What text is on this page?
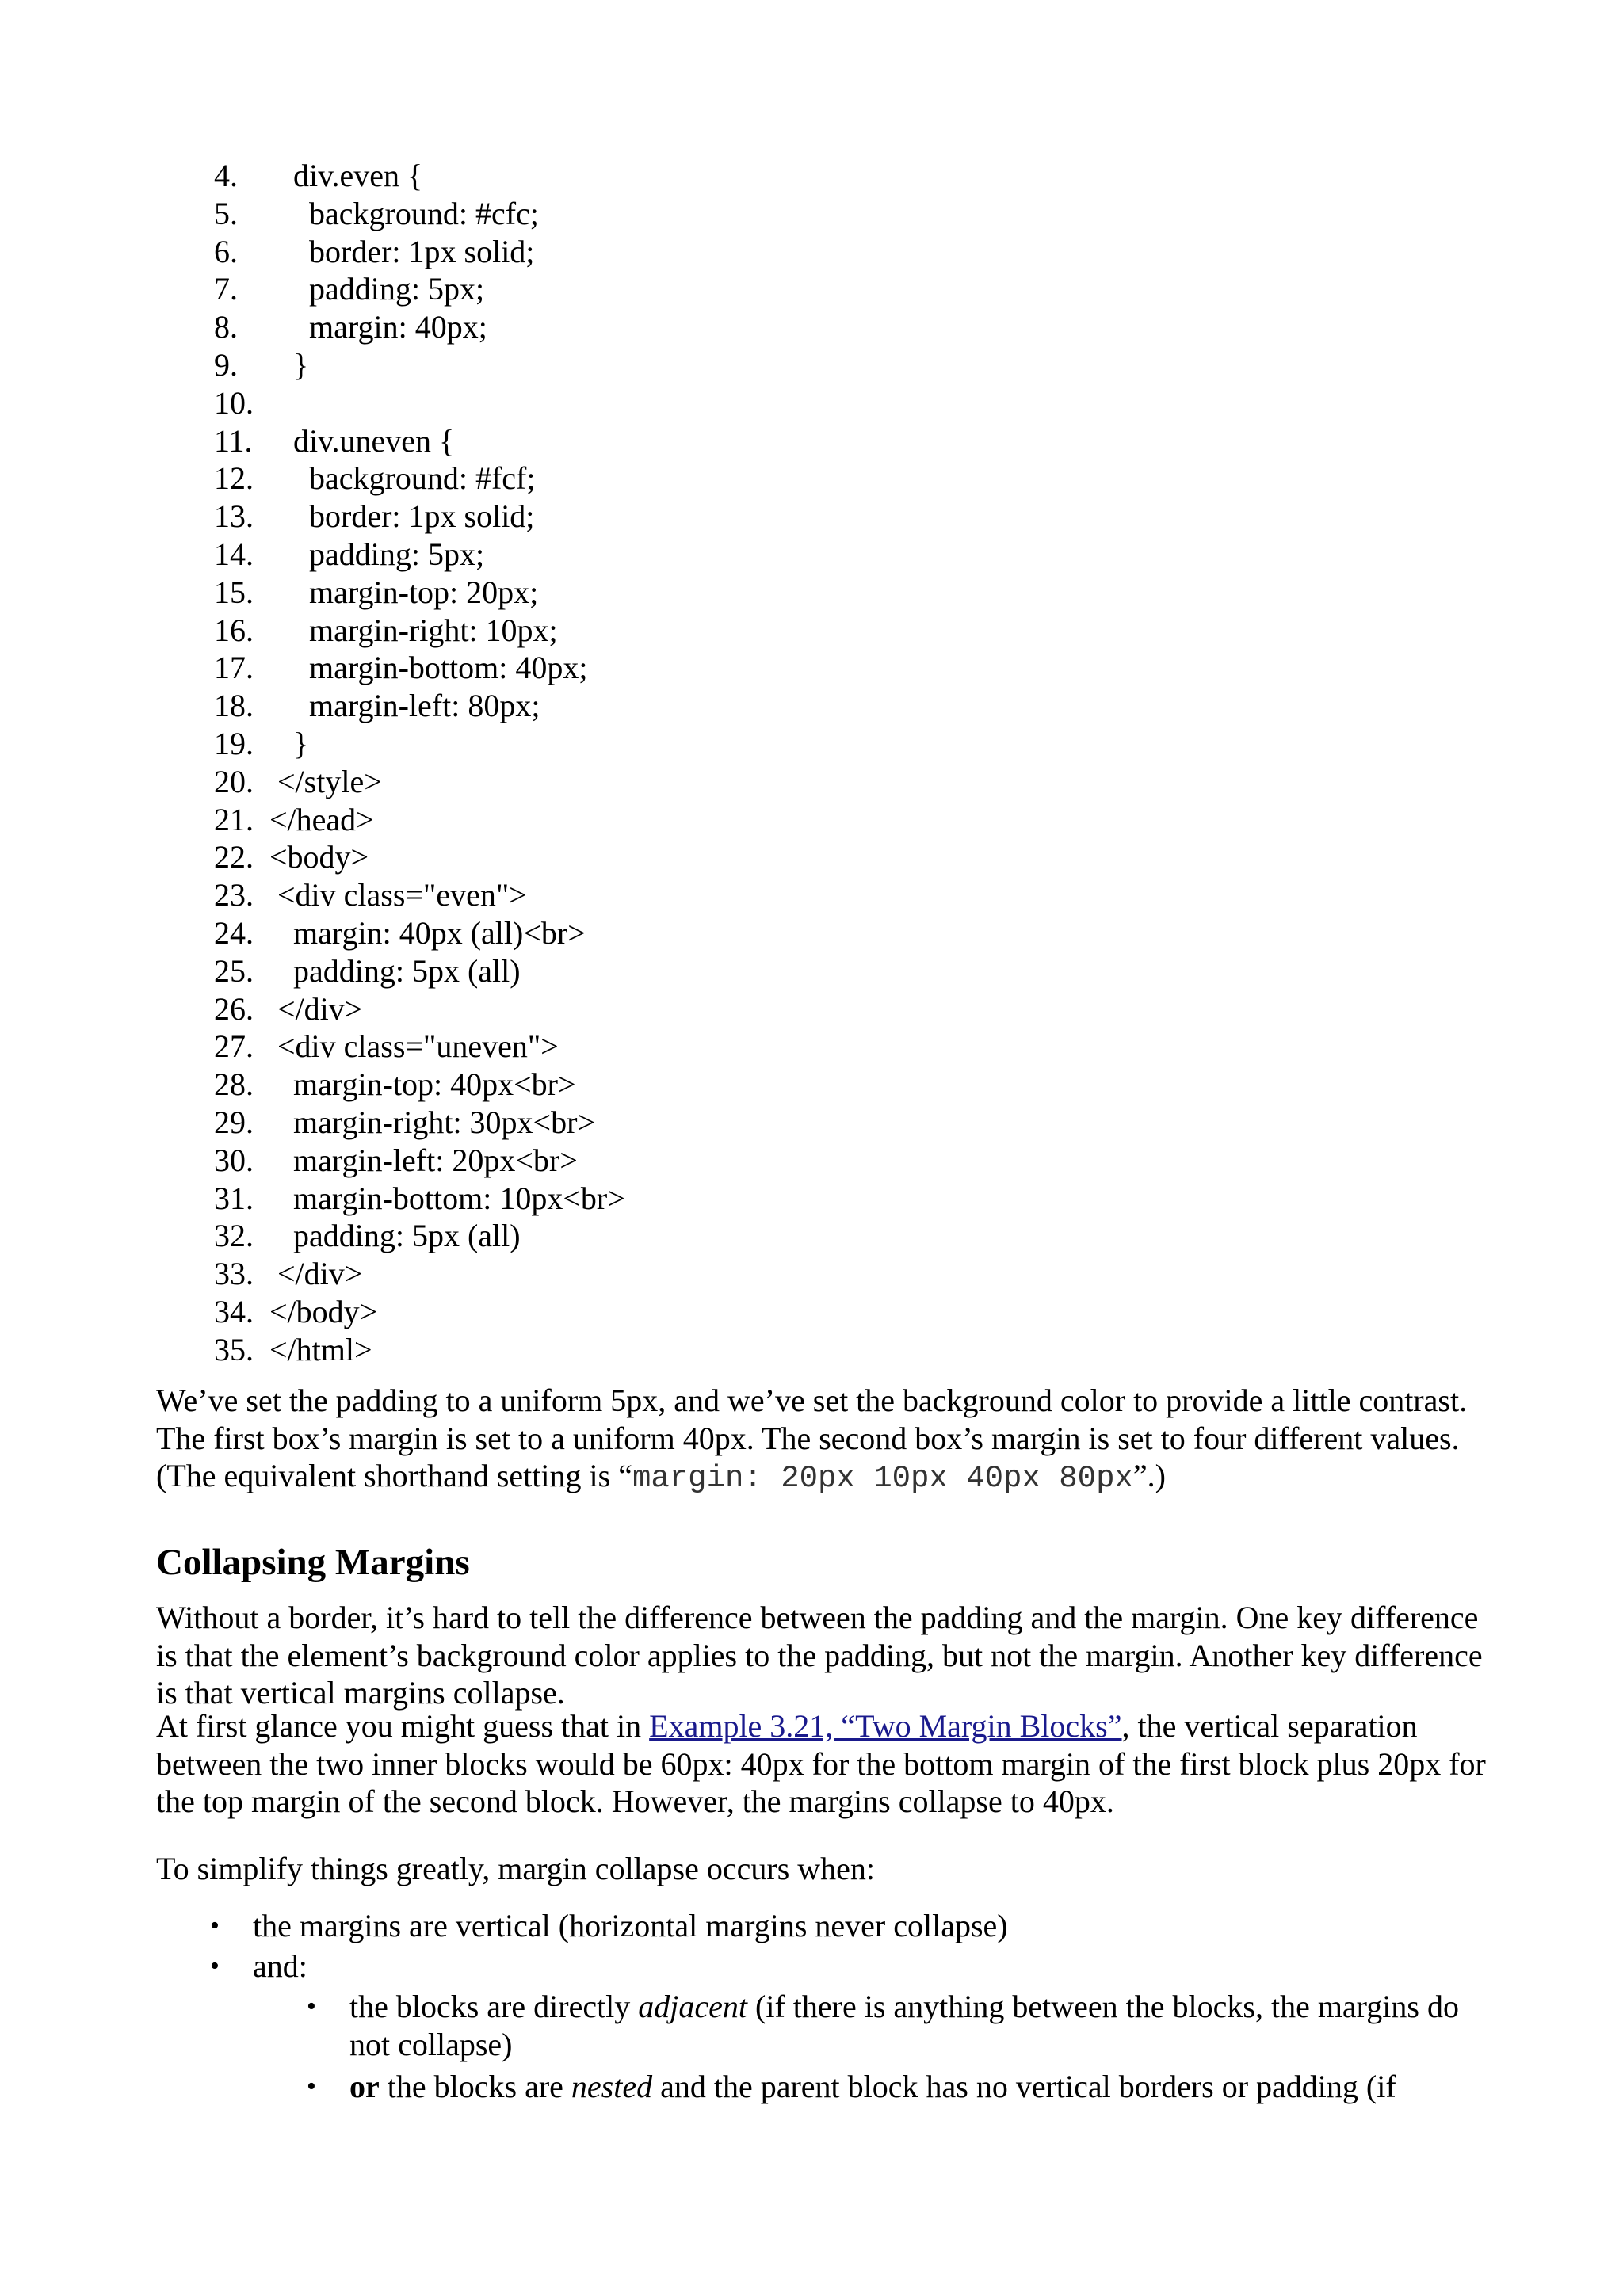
4.	div.even {
5.	background: #cfc;
6.	border: 1px solid;
7.	padding: 5px;
8.	margin: 40px;
9.	}
10.
11. div.uneven {
12. background: #fcf;
13. border: 1px solid;
14. padding: 5px;
15. margin-top: 20px;
16. margin-right: 10px;
17. margin-bottom: 40px;
18. margin-left: 80px;
19. }
20. </style>
21. </head>
22. <body>
23. <div class="even">
24. margin: 40px (all)<br>
25. padding: 5px (all)
26. </div>
27. <div class="uneven">
28. margin-top: 40px<br>
29. margin-right: 30px<br>
30. margin-left: 20px<br>
31. margin-bottom: 10px<br>
32. padding: 5px (all)
33. </div>
34. </body>
35. </html>

We’ve set the padding to a uniform 5px, and we’ve set the background color to provide a little contrast. The first box’s margin is set to a uniform 40px. The second box’s margin is set to four different values. (The equivalent shorthand setting is “margin: 20px 10px 40px 80px”.)

Collapsing Margins

Without a border, it’s hard to tell the difference between the padding and the margin. One key difference is that the element’s background color applies to the padding, but not the margin. Another key difference is that vertical margins collapse.

At first glance you might guess that in Example 3.21, “Two Margin Blocks”, the vertical separation between the two inner blocks would be 60px: 40px for the bottom margin of the first block plus 20px for the top margin of the second block. However, the margins collapse to 40px.

To simplify things greatly, margin collapse occurs when:

• the margins are vertical (horizontal margins never collapse)
• and:
• the blocks are directly adjacent (if there is anything between the blocks, the margins do not collapse)
• or the blocks are nested and the parent block has no vertical borders or padding (if
